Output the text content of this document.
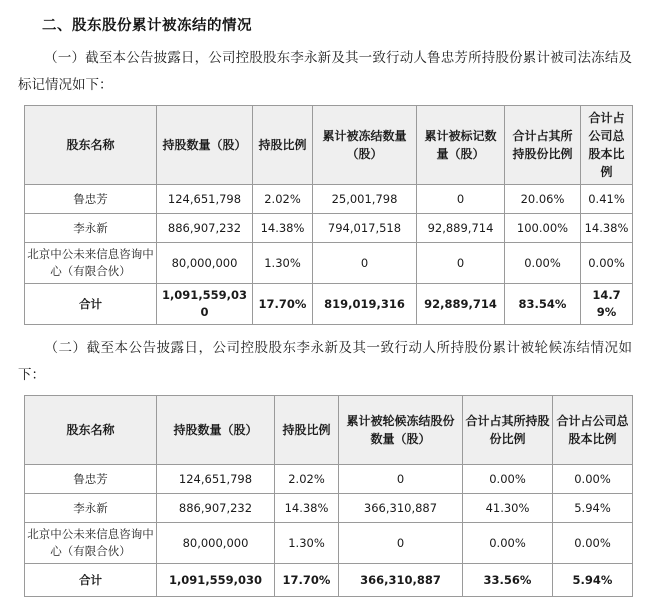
二、股东股份累计被冻结的情况

（一）截至本公告披露日，公司控股股东李永新及其一致行动人鲁忠芳所持股份累计被司法冻结及标记情况如下：

股东名称	持股数量（股）	持股比例	累计被冻结数量（股）	累计被标记数量（股）	合计占其所持股份比例	合计占公司总股本比例
鲁忠芳	124,651,798	2.02%	25,001,798	0	20.06%	0.41%
李永新	886,907,232	14.38%	794,017,518	92,889,714	100.00%	14.38%
北京中公未来信息咨询中心（有限合伙）	80,000,000	1.30%	0	0	0.00%	0.00%
合计	1,091,559,030	17.70%	819,019,316	92,889,714	83.54%	14.79%

（二）截至本公告披露日，公司控股股东李永新及其一致行动人所持股份累计被轮候冻结情况如下：

股东名称	持股数量（股）	持股比例	累计被轮候冻结股份数量（股）	合计占其所持股份比例	合计占公司总股本比例
鲁忠芳	124,651,798	2.02%	0	0.00%	0.00%
李永新	886,907,232	14.38%	366,310,887	41.30%	5.94%
北京中公未来信息咨询中心（有限合伙）	80,000,000	1.30%	0	0.00%	0.00%
合计	1,091,559,030	17.70%	366,310,887	33.56%	5.94%
